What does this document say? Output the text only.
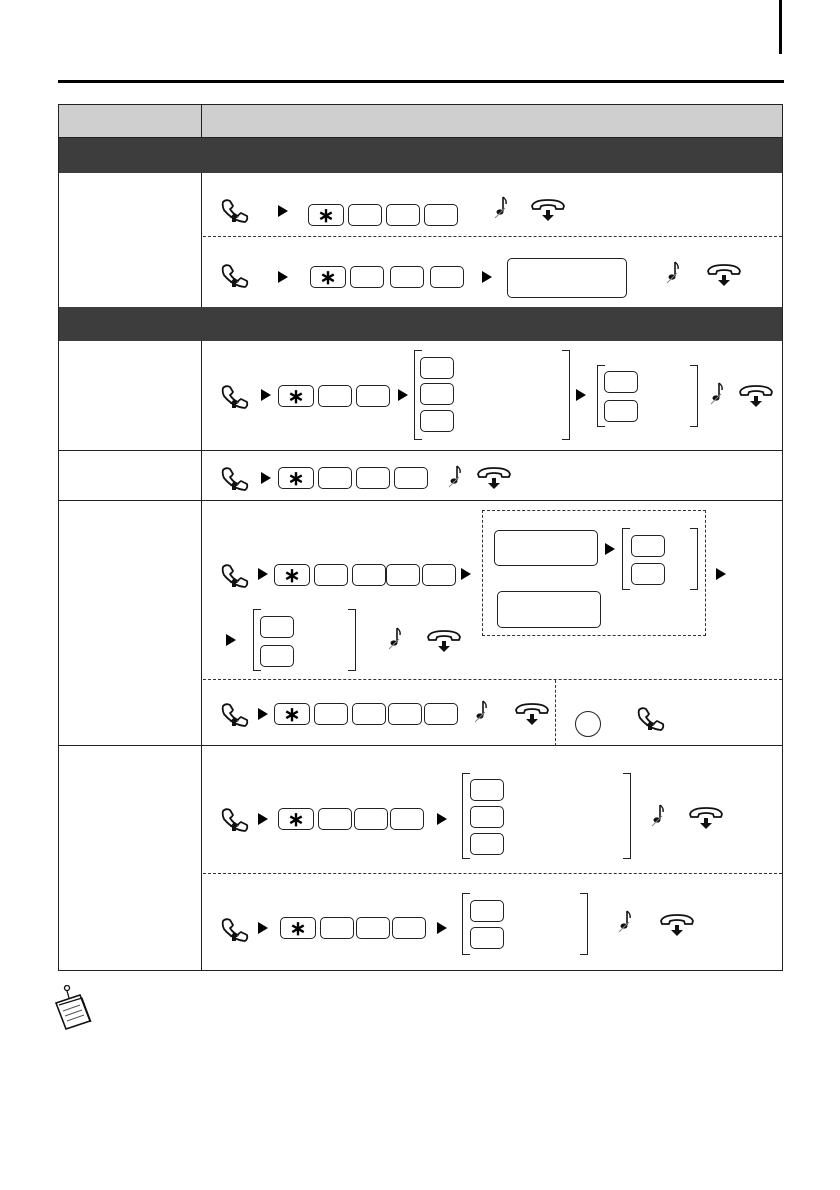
∗
∗
∗
∗
∗
∗
∗
∗
